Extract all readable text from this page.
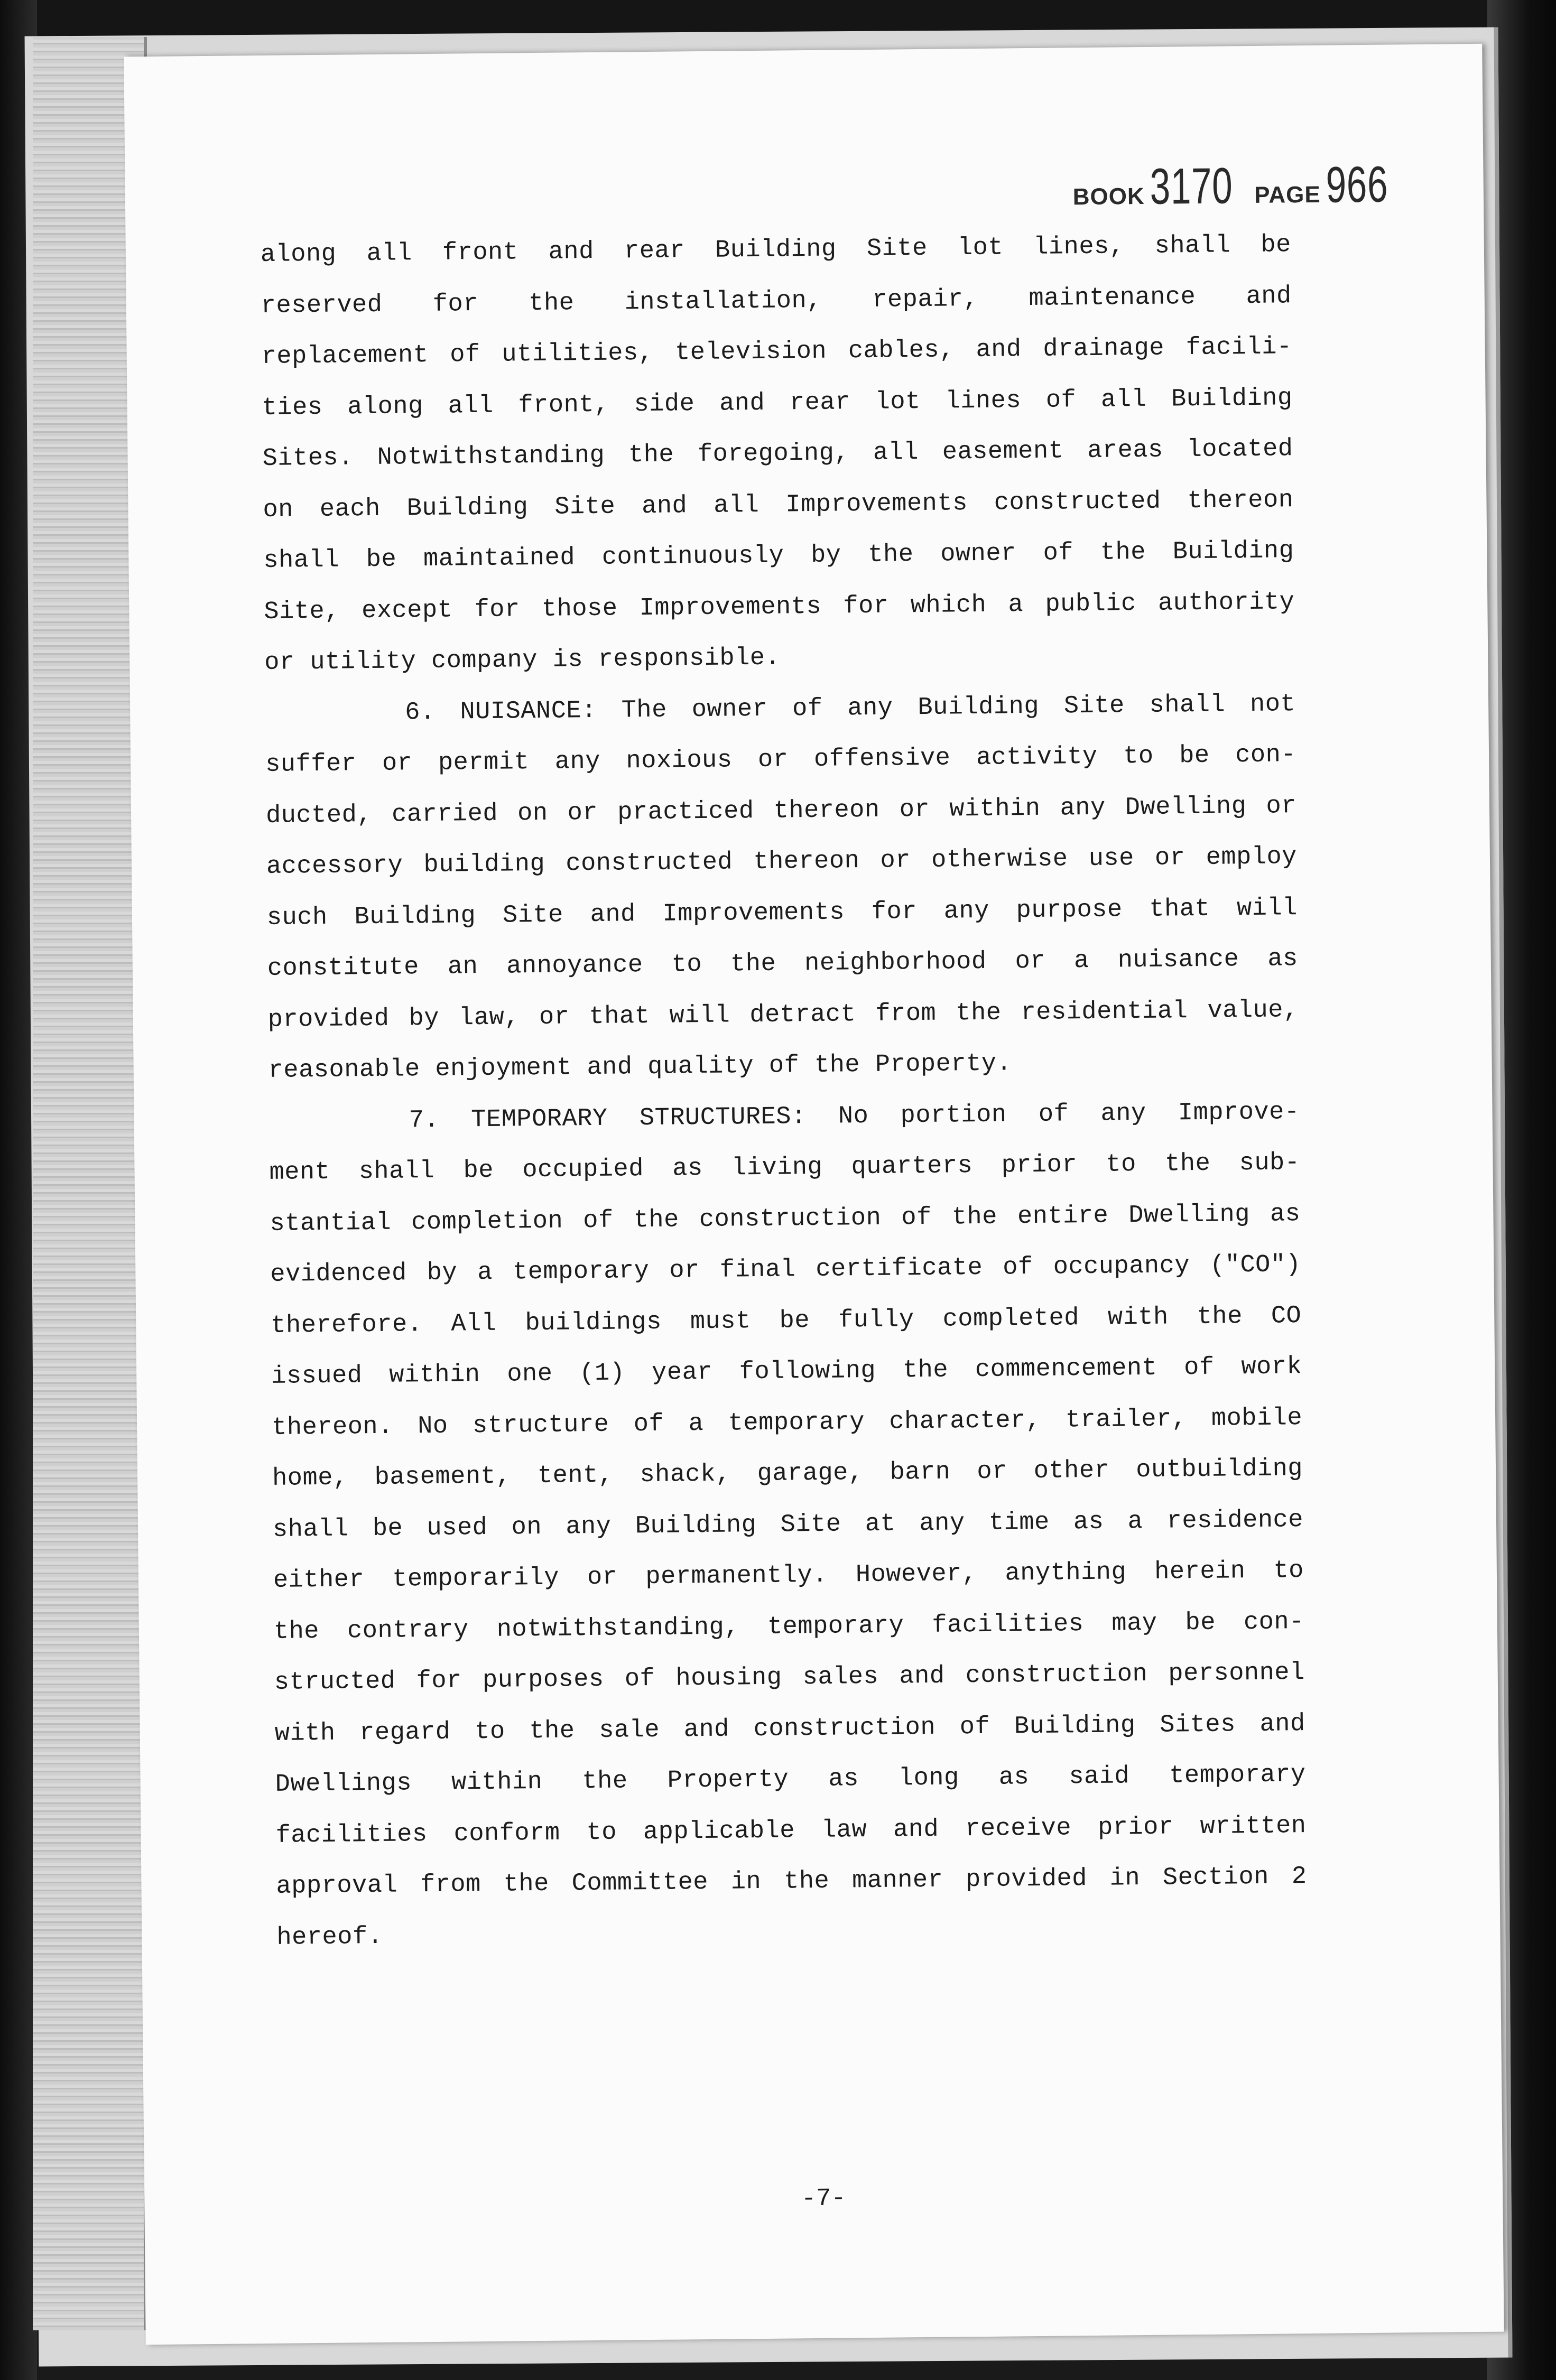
BOOK 3170 PAGE 966
along all front and rear Building Site lot lines, shall be
reserved for the installation, repair, maintenance and
replacement of utilities, television cables, and drainage facili-
ties along all front, side and rear lot lines of all Building
Sites. Notwithstanding the foregoing, all easement areas located
on each Building Site and all Improvements constructed thereon
shall be maintained continuously by the owner of the Building
Site, except for those Improvements for which a public authority
or utility company is responsible.
6. NUISANCE: The owner of any Building Site shall not
suffer or permit any noxious or offensive activity to be con-
ducted, carried on or practiced thereon or within any Dwelling or
accessory building constructed thereon or otherwise use or employ
such Building Site and Improvements for any purpose that will
constitute an annoyance to the neighborhood or a nuisance as
provided by law, or that will detract from the residential value,
reasonable enjoyment and quality of the Property.
7. TEMPORARY STRUCTURES: No portion of any Improve-
ment shall be occupied as living quarters prior to the sub-
stantial completion of the construction of the entire Dwelling as
evidenced by a temporary or final certificate of occupancy ("CO")
therefore. All buildings must be fully completed with the CO
issued within one (1) year following the commencement of work
thereon. No structure of a temporary character, trailer, mobile
home, basement, tent, shack, garage, barn or other outbuilding
shall be used on any Building Site at any time as a residence
either temporarily or permanently. However, anything herein to
the contrary notwithstanding, temporary facilities may be con-
structed for purposes of housing sales and construction personnel
with regard to the sale and construction of Building Sites and
Dwellings within the Property as long as said temporary
facilities conform to applicable law and receive prior written
approval from the Committee in the manner provided in Section 2
hereof.
-7-
